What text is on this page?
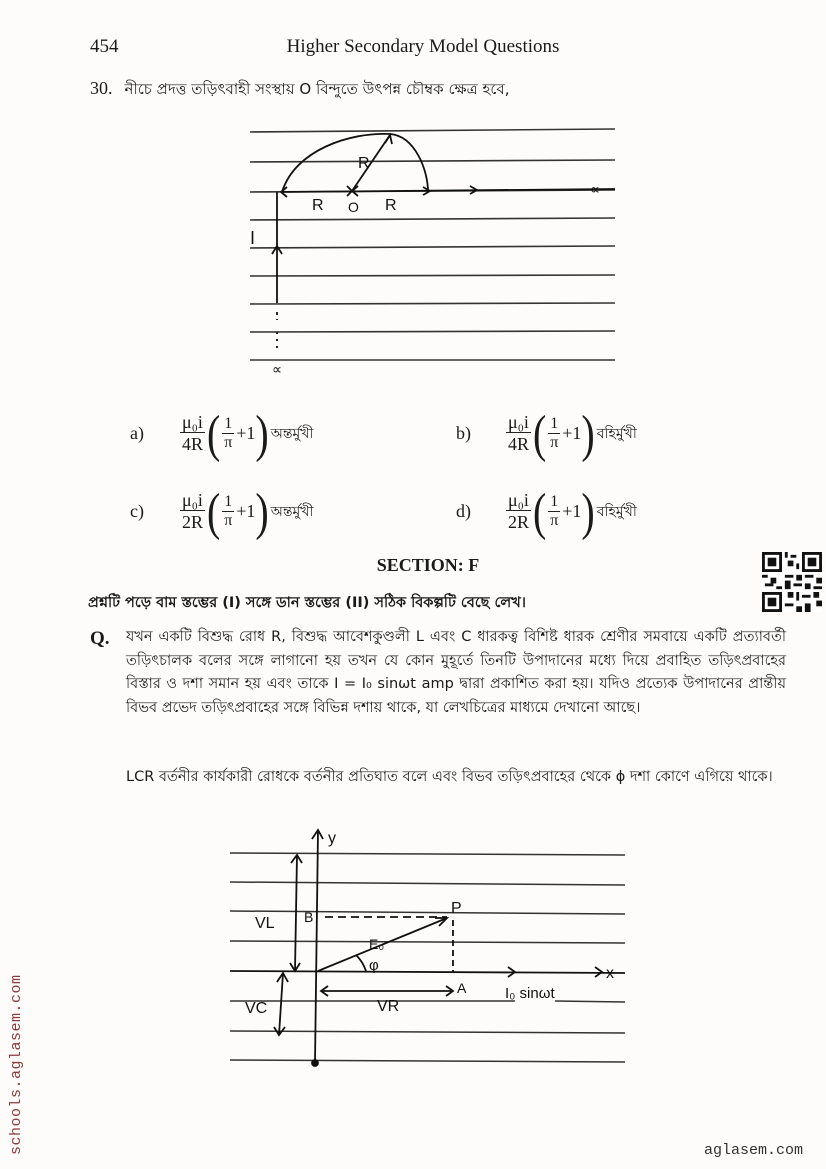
454	Higher Secondary Model Questions
30. নীচে প্রদত্ত তড়িৎবাহী সংস্থায় O বিন্দুতে উৎপন্ন চৌম্বক ক্ষেত্র হবে,
R
R O R
I
∝
∝
a)	$\frac{\text{μ₀i}}{4R}$ ( $\frac{1}{\pi} +1$ ) অন্তর্মুখী	b)	$\frac{\text{μ₀i}}{4R}$ ( $\frac{1}{\pi} +1$ ) বহির্মুখী
c)	$\frac{\text{μ₀i}}{2R}$ ( $\frac{1}{\pi} +1$ ) অন্তর্মুখী	d)	$\frac{\text{μ₀i}}{2R}$ ( $\frac{1}{\pi} +1$ ) বহির্মুখী
SECTION: F
প্রশ্নটি পড়ে বাম স্তম্ভের (I) সঙ্গে ডান স্তম্ভের (II) সঠিক বিকল্পটি বেছে লেখ।
Q. যখন একটি বিশুদ্ধ রোধ R, বিশুদ্ধ আবেশকুণ্ডলী L এবং C ধারকত্ব বিশিষ্ট ধারক শ্রেণীর সমবায়ে একটি প্রত্যাবর্তী তড়িৎচালক বলের সঙ্গে লাগানো হয় তখন যে কোন মুহূর্তে তিনটি উপাদানের মধ্যে দিয়ে প্রবাহিত তড়িৎপ্রবাহের বিস্তার ও দশা সমান হয় এবং তাকে I = I₀ sinωt amp দ্বারা প্রকাশিত করা হয়। যদিও প্রত্যেক উপাদানের প্রান্তীয় বিভব প্রভেদ তড়িৎপ্রবাহের সঙ্গে বিভিন্ন দশায় থাকে, যা লেখচিত্রের মাধ্যমে দেখানো আছে।
LCR বর্তনীর কার্যকারী রোধকে বর্তনীর প্রতিঘাত বলে এবং বিভব তড়িৎপ্রবাহের থেকে ϕ দশা কোণে এগিয়ে থাকে।
y
x
VL
VC	VR
B	P
A
E₀
φ
I₀ sinωt
schools.aglasem.com	aglasem.com
